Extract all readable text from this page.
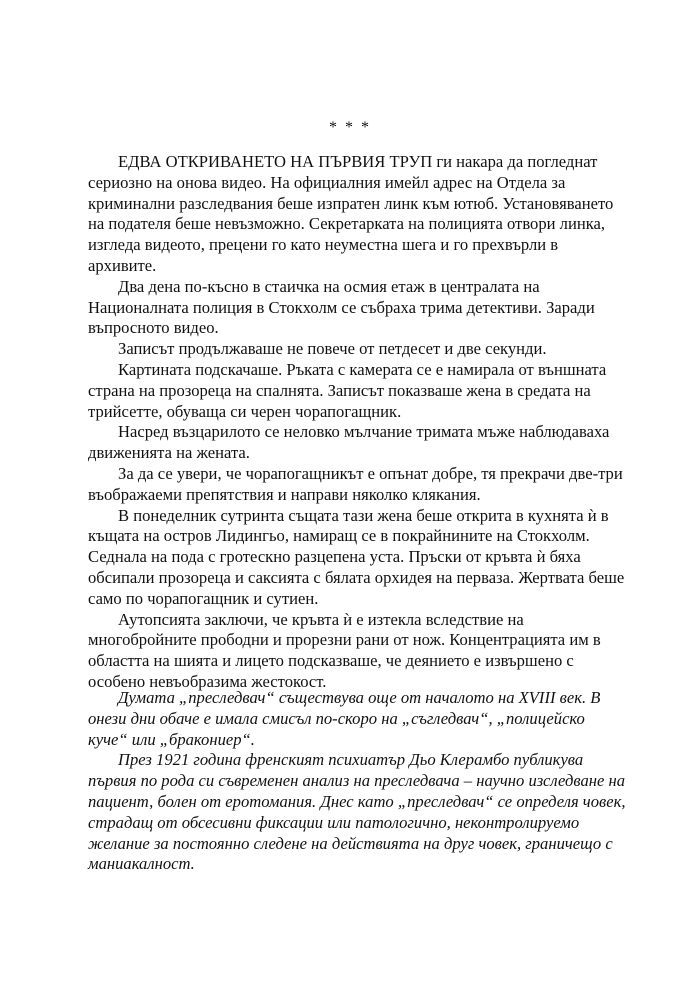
* * *

ЕДВА ОТКРИВАНЕТО НА ПЪРВИЯ ТРУП ги накара да погледнат сериозно на онова видео. На официалния имейл адрес на Отдела за криминални разследвания беше изпратен линк към ютюб. Установяването на подателя беше невъзможно. Секретарката на полицията отвори линка, изгледа видеото, прецени го като неуместна шега и го прехвърли в архивите.

Два дена по-късно в стаичка на осмия етаж в централата на Националната полиция в Стокхолм се събраха трима детективи. Заради въпросното видео.

Записът продължаваше не повече от петдесет и две секунди.

Картината подскачаше. Ръката с камерата се е намирала от външната страна на прозореца на спалнята. Записът показваше жена в средата на трийсетте, обуваща си черен чорапогащник.

Насред възцарилото се неловко мълчание тримата мъже наблюдаваха движенията на жената.

За да се увери, че чорапогащникът е опънат добре, тя прекрачи две-три въображаеми препятствия и направи няколко клякания.

В понеделник сутринта същата тази жена беше открита в кухнята ѝ в къщата на остров Лидингьо, намиращ се в покрайнините на Стокхолм. Седнала на пода с гротескно разцепена уста. Пръски от кръвта ѝ бяха обсипали прозореца и саксията с бялата орхидея на перваза. Жертвата беше само по чорапогащник и сутиен.

Аутопсията заключи, че кръвта ѝ е изтекла вследствие на многобройните прободни и прорезни рани от нож. Концентрацията им в областта на шията и лицето подсказваше, че деянието е извършено с особено невъобразима жестокост.

Думата „преследвач“ съществува още от началото на XVIII век. В онези дни обаче е имала смисъл по-скоро на „съгледвач“, „полицейско куче“ или „бракониер“.

През 1921 година френският психиатър Дьо Клерамбо публикува първия по рода си съвременен анализ на преследвача – научно изследване на пациент, болен от еротомания. Днес като „преследвач“ се определя човек, страдащ от обсесивни фиксации или патологично, неконтролируемо желание за постоянно следене на действията на друг човек, граничещо с маниакалност.
